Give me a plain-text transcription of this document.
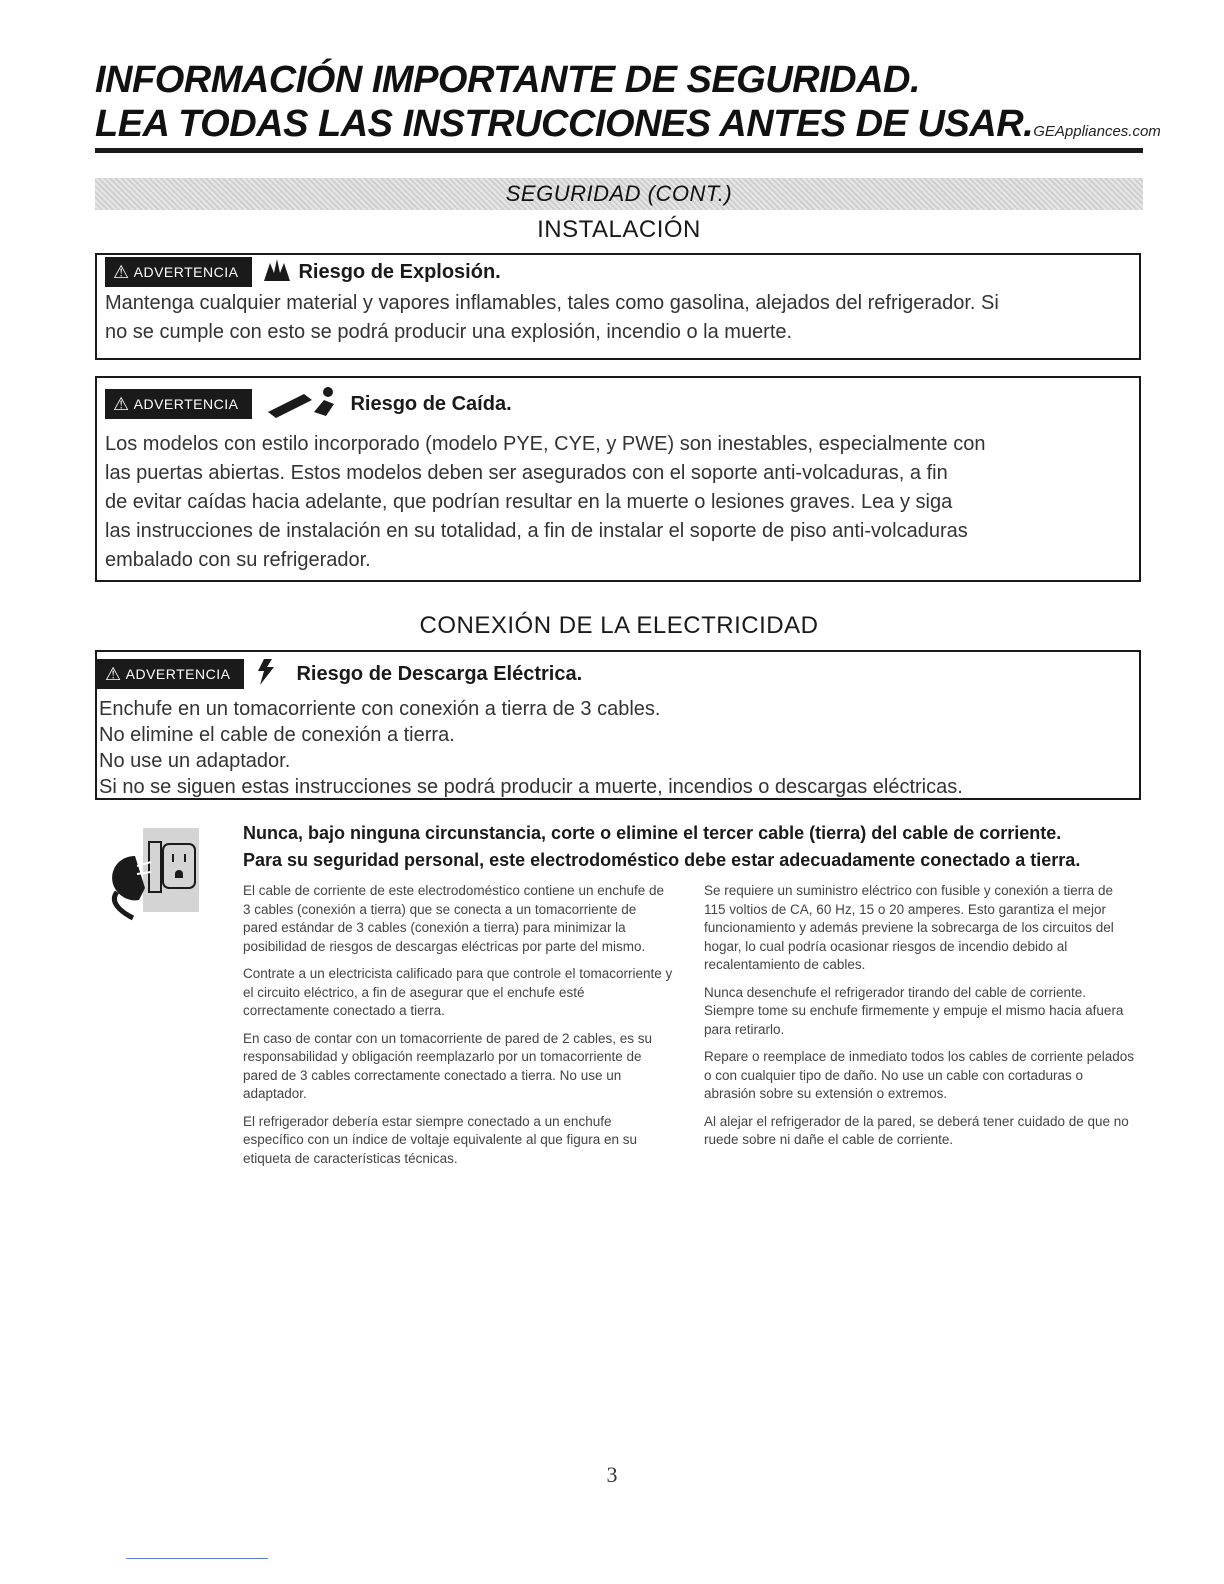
INFORMACIÓN IMPORTANTE DE SEGURIDAD.
LEA TODAS LAS INSTRUCCIONES ANTES DE USAR. GEAppliances.com
SEGURIDAD (CONT.)
INSTALACIÓN
⚠ ADVERTENCIA	Riesgo de Explosión.

Mantenga cualquier material y vapores inflamables, tales como gasolina, alejados del refrigerador. Si

no se cumple con esto se podrá producir una explosión, incendio o la muerte.

⚠ ADVERTENCIA	Riesgo de Caída.

Los modelos con estilo incorporado (modelo PYE, CYE, y PWE) son inestables, especialmente con

las puertas abiertas. Estos modelos deben ser asegurados con el soporte anti-volcaduras, a fin

de evitar caídas hacia adelante, que podrían resultar en la muerte o lesiones graves. Lea y siga

las instrucciones de instalación en su totalidad, a fin de instalar el soporte de piso anti-volcaduras

embalado con su refrigerador.

CONEXIÓN DE LA ELECTRICIDAD
⚠ ADVERTENCIA	Riesgo de Descarga Eléctrica.

Enchufe en un tomacorriente con conexión a tierra de 3 cables.

No elimine el cable de conexión a tierra.

No use un adaptador.

Si no se siguen estas instrucciones se podrá producir a muerte, incendios o descargas eléctricas.

Nunca, bajo ninguna circunstancia, corte o elimine el tercer cable (tierra) del cable de corriente.
Para su seguridad personal, este electrodoméstico debe estar adecuadamente conectado a tierra.

El cable de corriente de este electrodoméstico contiene un enchufe de 3 cables (conexión a tierra) que se conecta a un tomacorriente de pared estándar de 3 cables (conexión a tierra) para minimizar la posibilidad de riesgos de descargas eléctricas por parte del mismo.

Contrate a un electricista calificado para que controle el tomacorriente y el circuito eléctrico, a fin de asegurar que el enchufe esté correctamente conectado a tierra.

En caso de contar con un tomacorriente de pared de 2 cables, es su responsabilidad y obligación reemplazarlo por un tomacorriente de pared de 3 cables correctamente conectado a tierra. No use un adaptador.

El refrigerador debería estar siempre conectado a un enchufe específico con un índice de voltaje equivalente al que figura en su etiqueta de características técnicas.

Se requiere un suministro eléctrico con fusible y conexión a tierra de 115 voltios de CA, 60 Hz, 15 o 20 amperes. Esto garantiza el mejor funcionamiento y además previene la sobrecarga de los circuitos del hogar, lo cual podría ocasionar riesgos de incendio debido al recalentamiento de cables.

Nunca desenchufe el refrigerador tirando del cable de corriente. Siempre tome su enchufe firmemente y empuje el mismo hacia afuera para retirarlo.

Repare o reemplace de inmediato todos los cables de corriente pelados o con cualquier tipo de daño. No use un cable con cortaduras o abrasión sobre su extensión o extremos.

Al alejar el refrigerador de la pared, se deberá tener cuidado de que no ruede sobre ni dañe el cable de corriente.

3
